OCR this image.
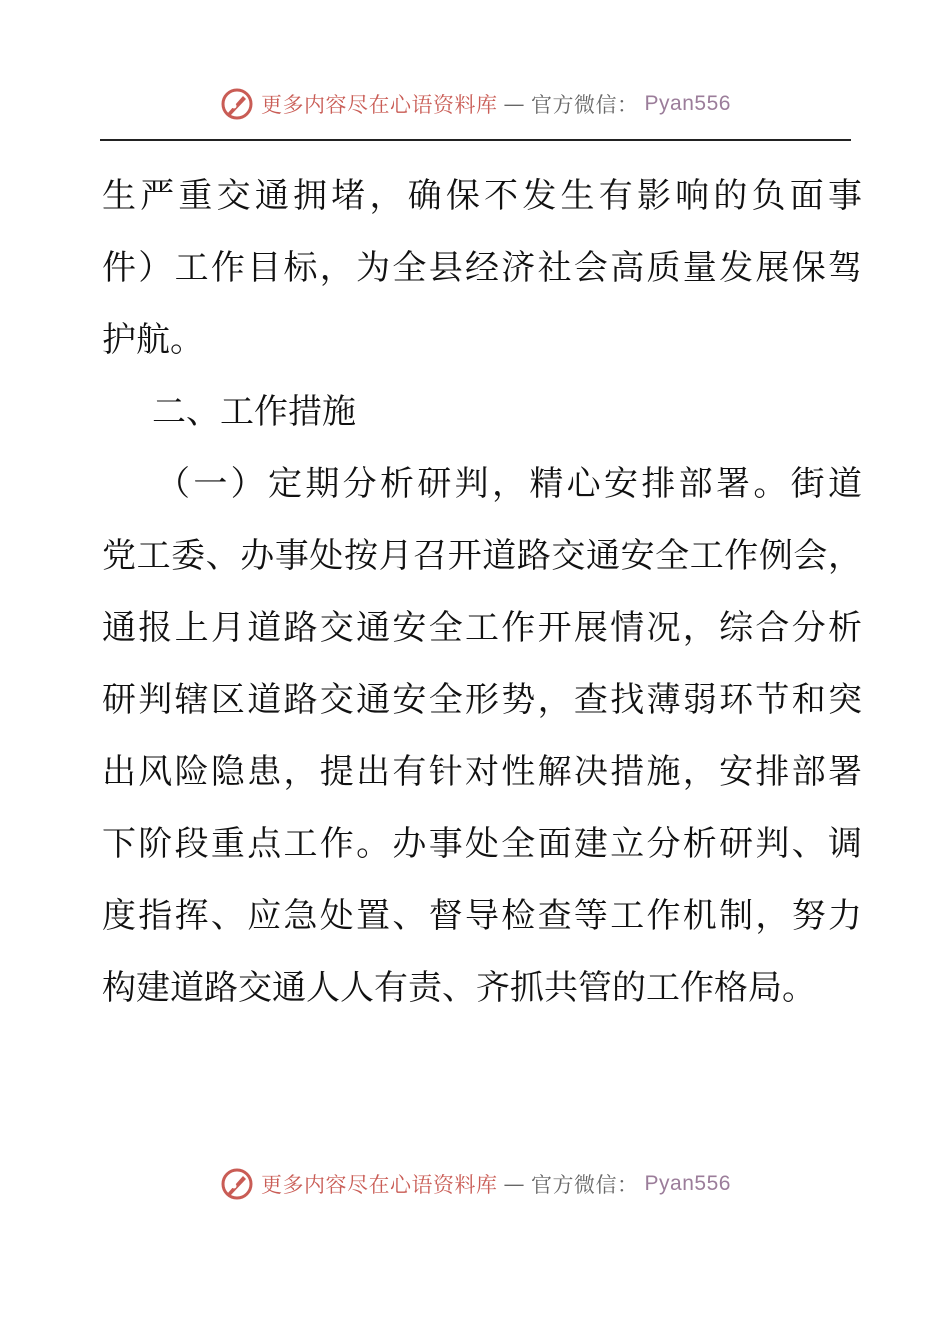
更多内容尽在心语资料库 — 官方微信： Pyan556
生严重交通拥堵，确保不发生有影响的负面事
件）工作目标，为全县经济社会高质量发展保驾
护航。
二、工作措施
（一）定期分析研判，精心安排部署。街道
党工委、办事处按月召开道路交通安全工作例会，
通报上月道路交通安全工作开展情况，综合分析
研判辖区道路交通安全形势，查找薄弱环节和突
出风险隐患，提出有针对性解决措施，安排部署
下阶段重点工作。办事处全面建立分析研判、调
度指挥、应急处置、督导检查等工作机制，努力
构建道路交通人人有责、齐抓共管的工作格局。
更多内容尽在心语资料库 — 官方微信： Pyan556
